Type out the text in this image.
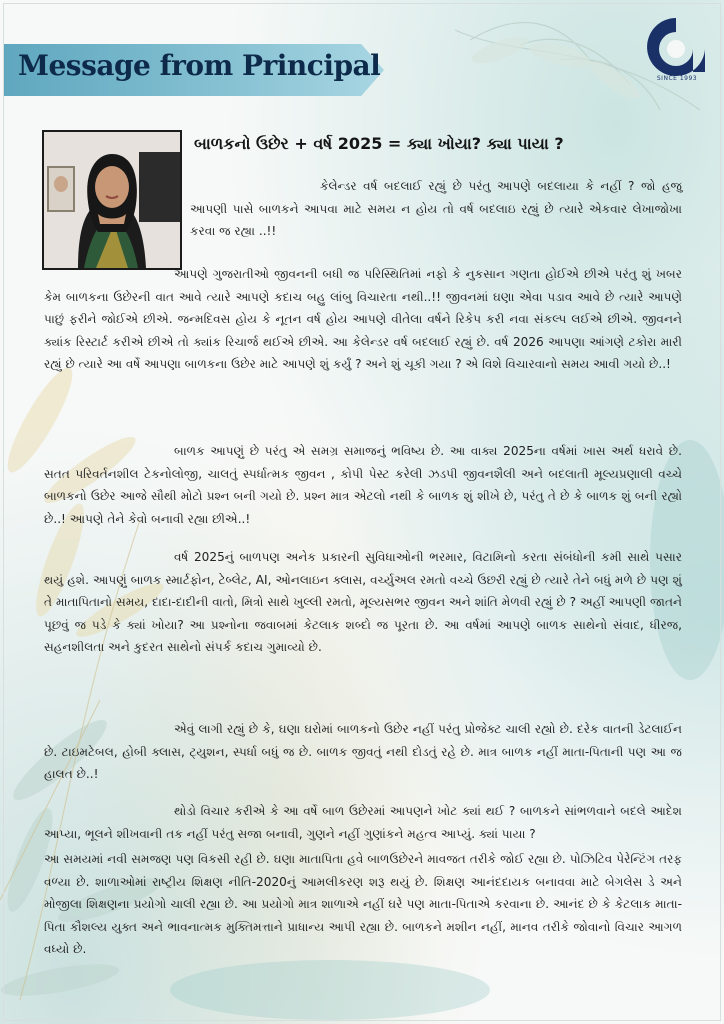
Message from Principal	SINCE 1993
બાળકનો ઉછેર + વર્ષ 2025 = ક્યા ખોયા? ક્યા પાયા ?

કેલેન્ડર વર્ષ બદલાઈ રહ્યું છે પરંતુ આપણે બદલાયા કે નહીં ? જો હજુ આપણી પાસે બાળકને આપવા માટે સમય ન હોય તો વર્ષ બદલાઇ રહ્યું છે ત્યારે એકવાર લેખાજોખા કરવા જ રહ્યા ..!!

આપણે ગુજરાતીઓ જીવનની બધી જ પરિસ્થિતિમાં નફો કે નુકસાન ગણતા હોઈએ છીએ પરંતુ શું ખબર કેમ બાળકના ઉછેરની વાત આવે ત્યારે આપણે કદાચ બહુ લાંબુ વિચારતા નથી..!! જીવનમાં ઘણા એવા પડાવ આવે છે ત્યારે આપણે પાછું ફરીને જોઈએ છીએ. જન્મદિવસ હોય કે નૂતન વર્ષ હોય આપણે વીતેલા વર્ષને રિકેપ કરી નવા સંકલ્પ લઈએ છીએ. જીવનને ક્યાંક રિસ્ટાર્ટ કરીએ છીએ તો ક્યાંક રિચાર્જ થઈએ છીએ. આ કેલેન્ડર વર્ષ બદલાઈ રહ્યું છે. વર્ષ 2026 આપણા આંગણે ટકોરા મારી રહ્યું છે ત્યારે આ વર્ષે આપણા બાળકના ઉછેર માટે આપણે શું કર્યું ? અને શું ચૂકી ગયા ? એ વિશે વિચારવાનો સમય આવી ગયો છે..!

બાળક આપણું છે પરંતુ એ સમગ્ર સમાજનું ભવિષ્ય છે. આ વાક્ય 2025ના વર્ષમાં ખાસ અર્થ ધરાવે છે. સતત પરિવર્તનશીલ ટેકનોલોજી, ચાલતું સ્પર્ધાત્મક જીવન , કોપી પેસ્ટ કરેલી ઝડપી જીવનશૈલી અને બદલાતી મૂલ્યપ્રણાલી વચ્ચે બાળકનો ઉછેર આજે સૌથી મોટો પ્રશ્ન બની ગયો છે. પ્રશ્ન માત્ર એટલો નથી કે બાળક શું શીખે છે, પરંતુ તે છે કે બાળક શું બની રહ્યો છે..! આપણે તેને કેવો બનાવી રહ્યા છીએ..!

વર્ષ 2025નું બાળપણ અનેક પ્રકારની સુવિધાઓની ભરમાર, વિટામિનો કરતા સંબંધોની કમી સાથે પસાર થયું હશે. આપણું બાળક સ્માર્ટફોન, ટેબ્લેટ, AI, ઓનલાઇન ક્લાસ, વર્ચ્યુઅલ રમતો વચ્ચે ઉછરી રહ્યું છે ત્યારે તેને બધું મળે છે પણ શું તે માતાપિતાનો સમય, દાદા-દાદીની વાતો, મિત્રો સાથે ખુલ્લી રમતો, મૂલ્યસભર જીવન અને શાંતિ મેળવી રહ્યું છે ? અહીં આપણી જાતને પૂછવું જ પડે કે ક્યાં ખોયા? આ પ્રશ્નોના જવાબમાં કેટલાક શબ્દો જ પૂરતા છે. આ વર્ષમાં આપણે બાળક સાથેનો સંવાદ, ધીરજ, સહનશીલતા અને કુદરત સાથેનો સંપર્ક કદાચ ગુમાવ્યો છે.

એવું લાગી રહ્યું છે કે, ઘણા ઘરોમાં બાળકનો ઉછેર નહીં પરંતુ પ્રોજેક્ટ ચાલી રહ્યો છે. દરેક વાતની ડેટલાઈન છે. ટાઇમટેબલ, હોબી ક્લાસ, ટ્યુશન, સ્પર્ધા બધું જ છે. બાળક જીવતું નથી દોડતું રહે છે. માત્ર બાળક નહીં માતા-પિતાની પણ આ જ હાલત છે..!

થોડો વિચાર કરીએ કે આ વર્ષે બાળ ઉછેરમાં આપણને ખોટ ક્યાં થઈ ? બાળકને સાંભળવાને બદલે આદેશ આપ્યા, ભૂલને શીખવાની તક નહીં પરંતુ સજા બનાવી, ગુણને નહીં ગુણાંકને મહત્વ આપ્યું. ક્યાં પાયા ?

આ સમયમાં નવી સમજણ પણ વિકસી રહી છે. ઘણા માતાપિતા હવે બાળઉછેરને માવજત તરીકે જોઈ રહ્યા છે. પોઝિટિવ પેરેન્ટિંગ તરફ વળ્યા છે. શાળાઓમાં રાષ્ટ્રીય શિક્ષણ નીતિ-2020નું આમલીકરણ શરૂ થયું છે. શિક્ષણ આનંદદાયક બનાવવા માટે બેગલેસ ડે અને મોજીલા શિક્ષણના પ્રયોગો ચાલી રહ્યા છે. આ પ્રયોગો માત્ર શાળાએ નહીં ઘરે પણ માતા-પિતાએ કરવાના છે. આનંદ છે કે કેટલાક માતા-પિતા કૌશલ્ય યુક્ત અને ભાવનાત્મક મુક્તિમત્તાને પ્રાધાન્ય આપી રહ્યા છે. બાળકને મશીન નહીં, માનવ તરીકે જોવાનો વિચાર આગળ વધ્યો છે.
